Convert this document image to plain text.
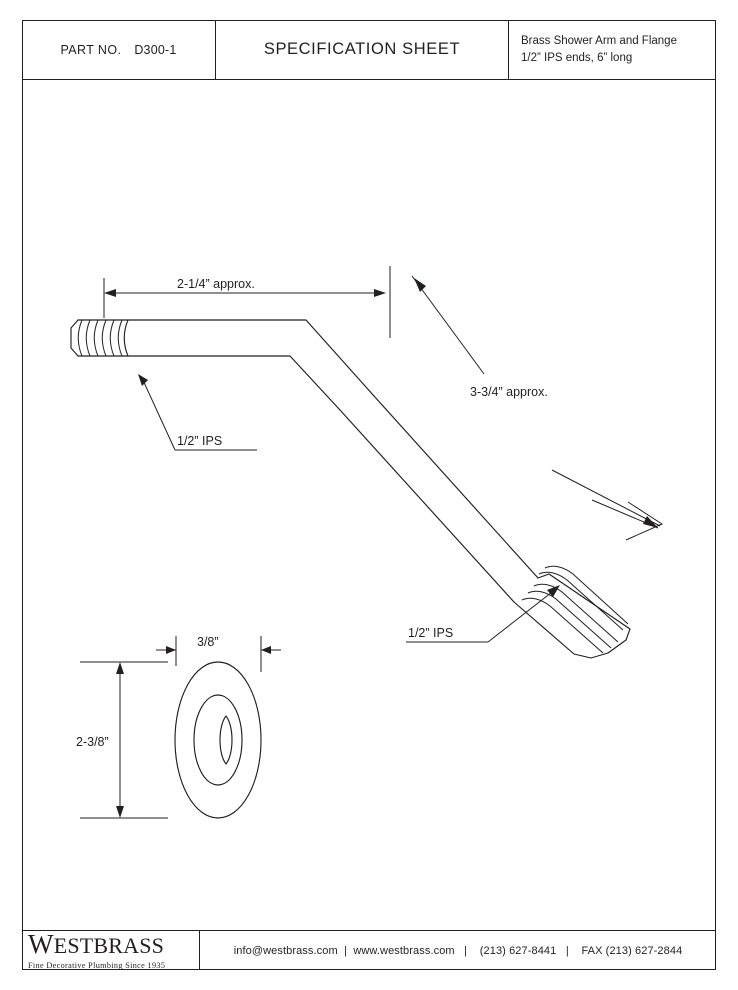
PART NO. D300-1	SPECIFICATION SHEET	Brass Shower Arm and Flange
1/2” IPS ends, 6” long
2-1/4” approx.
3-3/4” approx.
1/2” IPS
1/2” IPS
3/8”
2-3/8”
WESTBRASS
Fine Decorative Plumbing Since 1935
info@westbrass.com | www.westbrass.com | (213) 627-8441 | FAX (213) 627-2844
